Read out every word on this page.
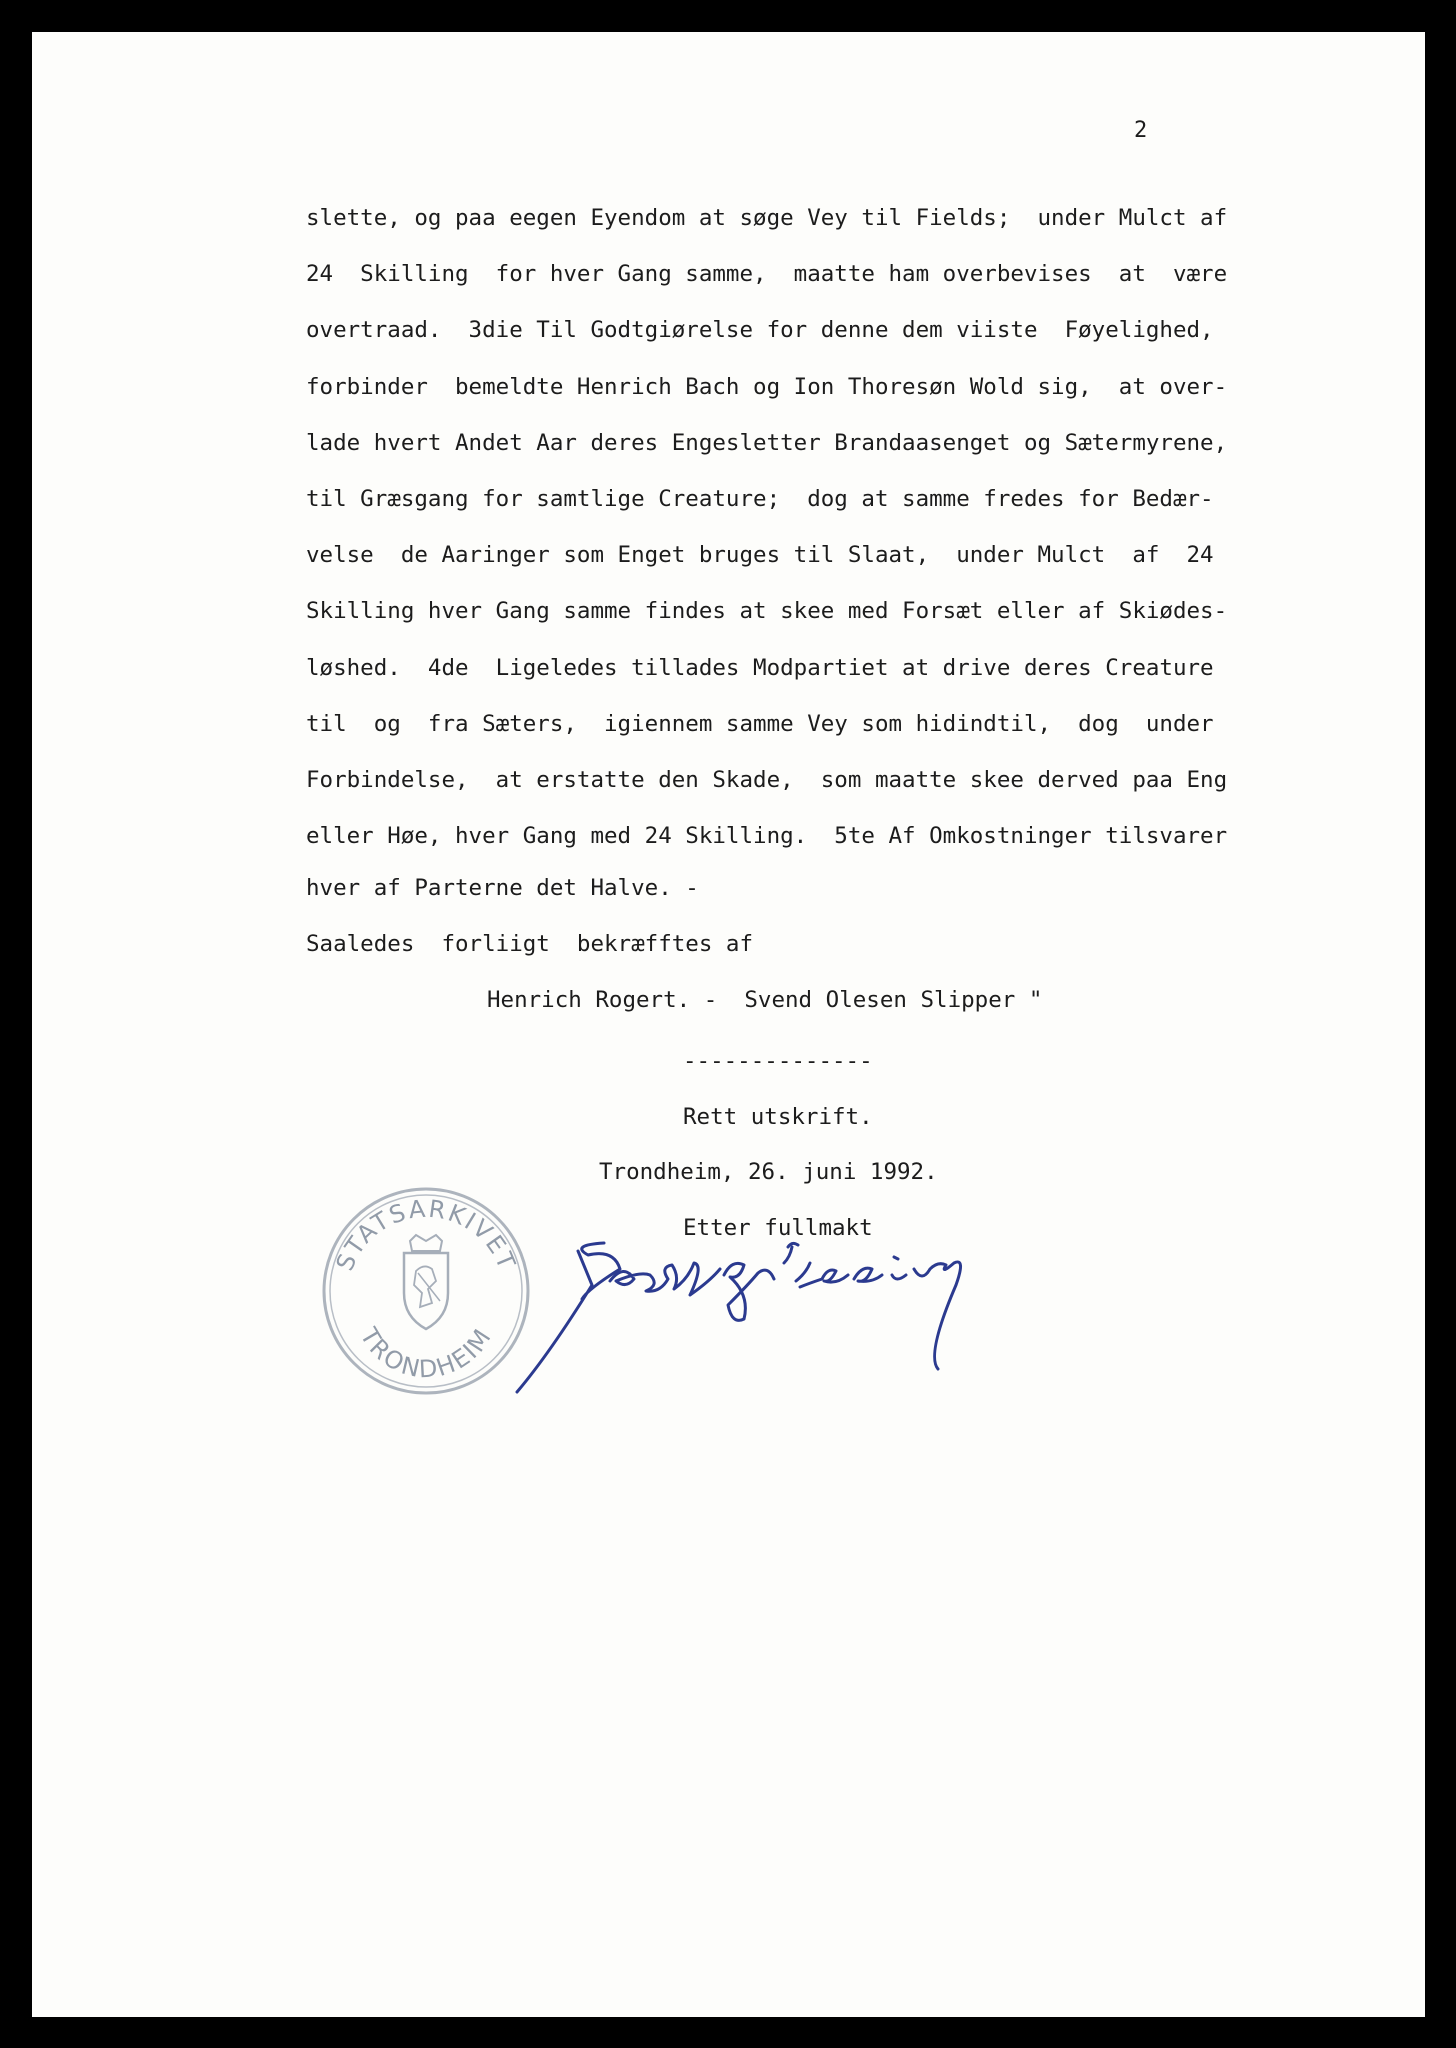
2
slette, og paa eegen Eyendom at søge Vey til Fields;  under Mulct af
24  Skilling  for hver Gang samme,  maatte ham overbevises  at  være
overtraad.  3die Til Godtgiørelse for denne dem viiste  Føyelighed,
forbinder  bemeldte Henrich Bach og Ion Thoresøn Wold sig,  at over-
lade hvert Andet Aar deres Engesletter Brandaasenget og Sætermyrene,
til Græsgang for samtlige Creature;  dog at samme fredes for Bedær-
velse  de Aaringer som Enget bruges til Slaat,  under Mulct  af  24
Skilling hver Gang samme findes at skee med Forsæt eller af Skiødes-
løshed.  4de  Ligeledes tillades Modpartiet at drive deres Creature
til  og  fra Sæters,  igiennem samme Vey som hidindtil,  dog  under
Forbindelse,  at erstatte den Skade,  som maatte skee derved paa Eng
eller Høe, hver Gang med 24 Skilling.  5te Af Omkostninger tilsvarer
hver af Parterne det Halve. -
Saaledes  forliigt  bekræfftes af
Henrich Rogert. -  Svend Olesen Slipper "
--------------
Rett utskrift.
Trondheim, 26. juni 1992.
Etter fullmakt
STATSARKIVET
TRONDHEIM
